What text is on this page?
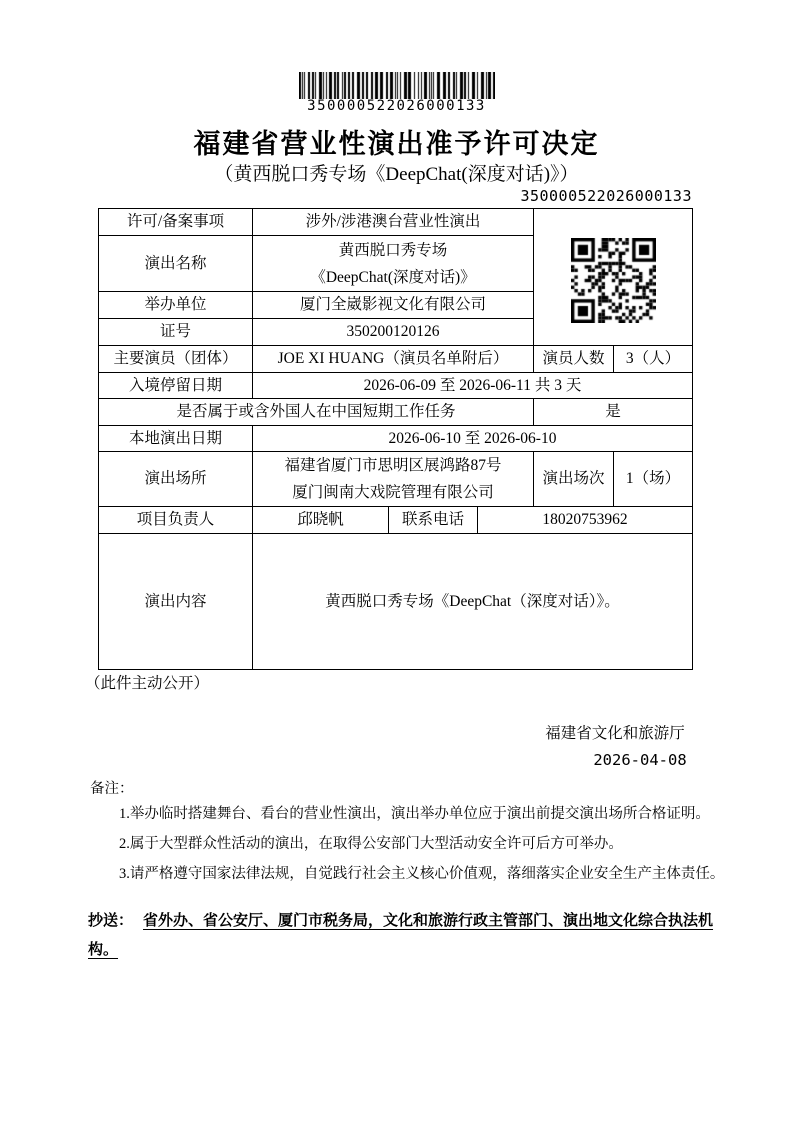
350000522026000133
福建省营业性演出准予许可决定
（黄西脱口秀专场《DeepChat(深度对话)》）
350000522026000133
许可/备案事项	涉外/涉港澳台营业性演出	

演出名称	黄西脱口秀专场
《DeepChat(深度对话)》				

举办单位	厦门全崴影视文化有限公司				
证号	350200120126				
主要演员（团体）	JOE XI HUANG（演员名单附后）			演员人数	3（人）
入境停留日期	2026-06-09 至 2026-06-11 共 3 天				
是否属于或含外国人在中国短期工作任务				是	
本地演出日期	2026-06-10 至 2026-06-10				
演出场所	福建省厦门市思明区展鸿路87号
厦门闽南大戏院管理有限公司			演出场次	1（场）
项目负责人	邱晓帆	联系电话	18020753962		
演出内容	黄西脱口秀专场《DeepChat（深度对话）》。				
（此件主动公开）
福建省文化和旅游厅
2026-04-08
备注：
1.举办临时搭建舞台、看台的营业性演出，演出举办单位应于演出前提交演出场所合格证明。
2.属于大型群众性活动的演出，在取得公安部门大型活动安全许可后方可举办。
3.请严格遵守国家法律法规，自觉践行社会主义核心价值观，落细落实企业安全生产主体责任。
抄送： 省外办、省公安厅、厦门市税务局，文化和旅游行政主管部门、演出地文化综合执法机构。
